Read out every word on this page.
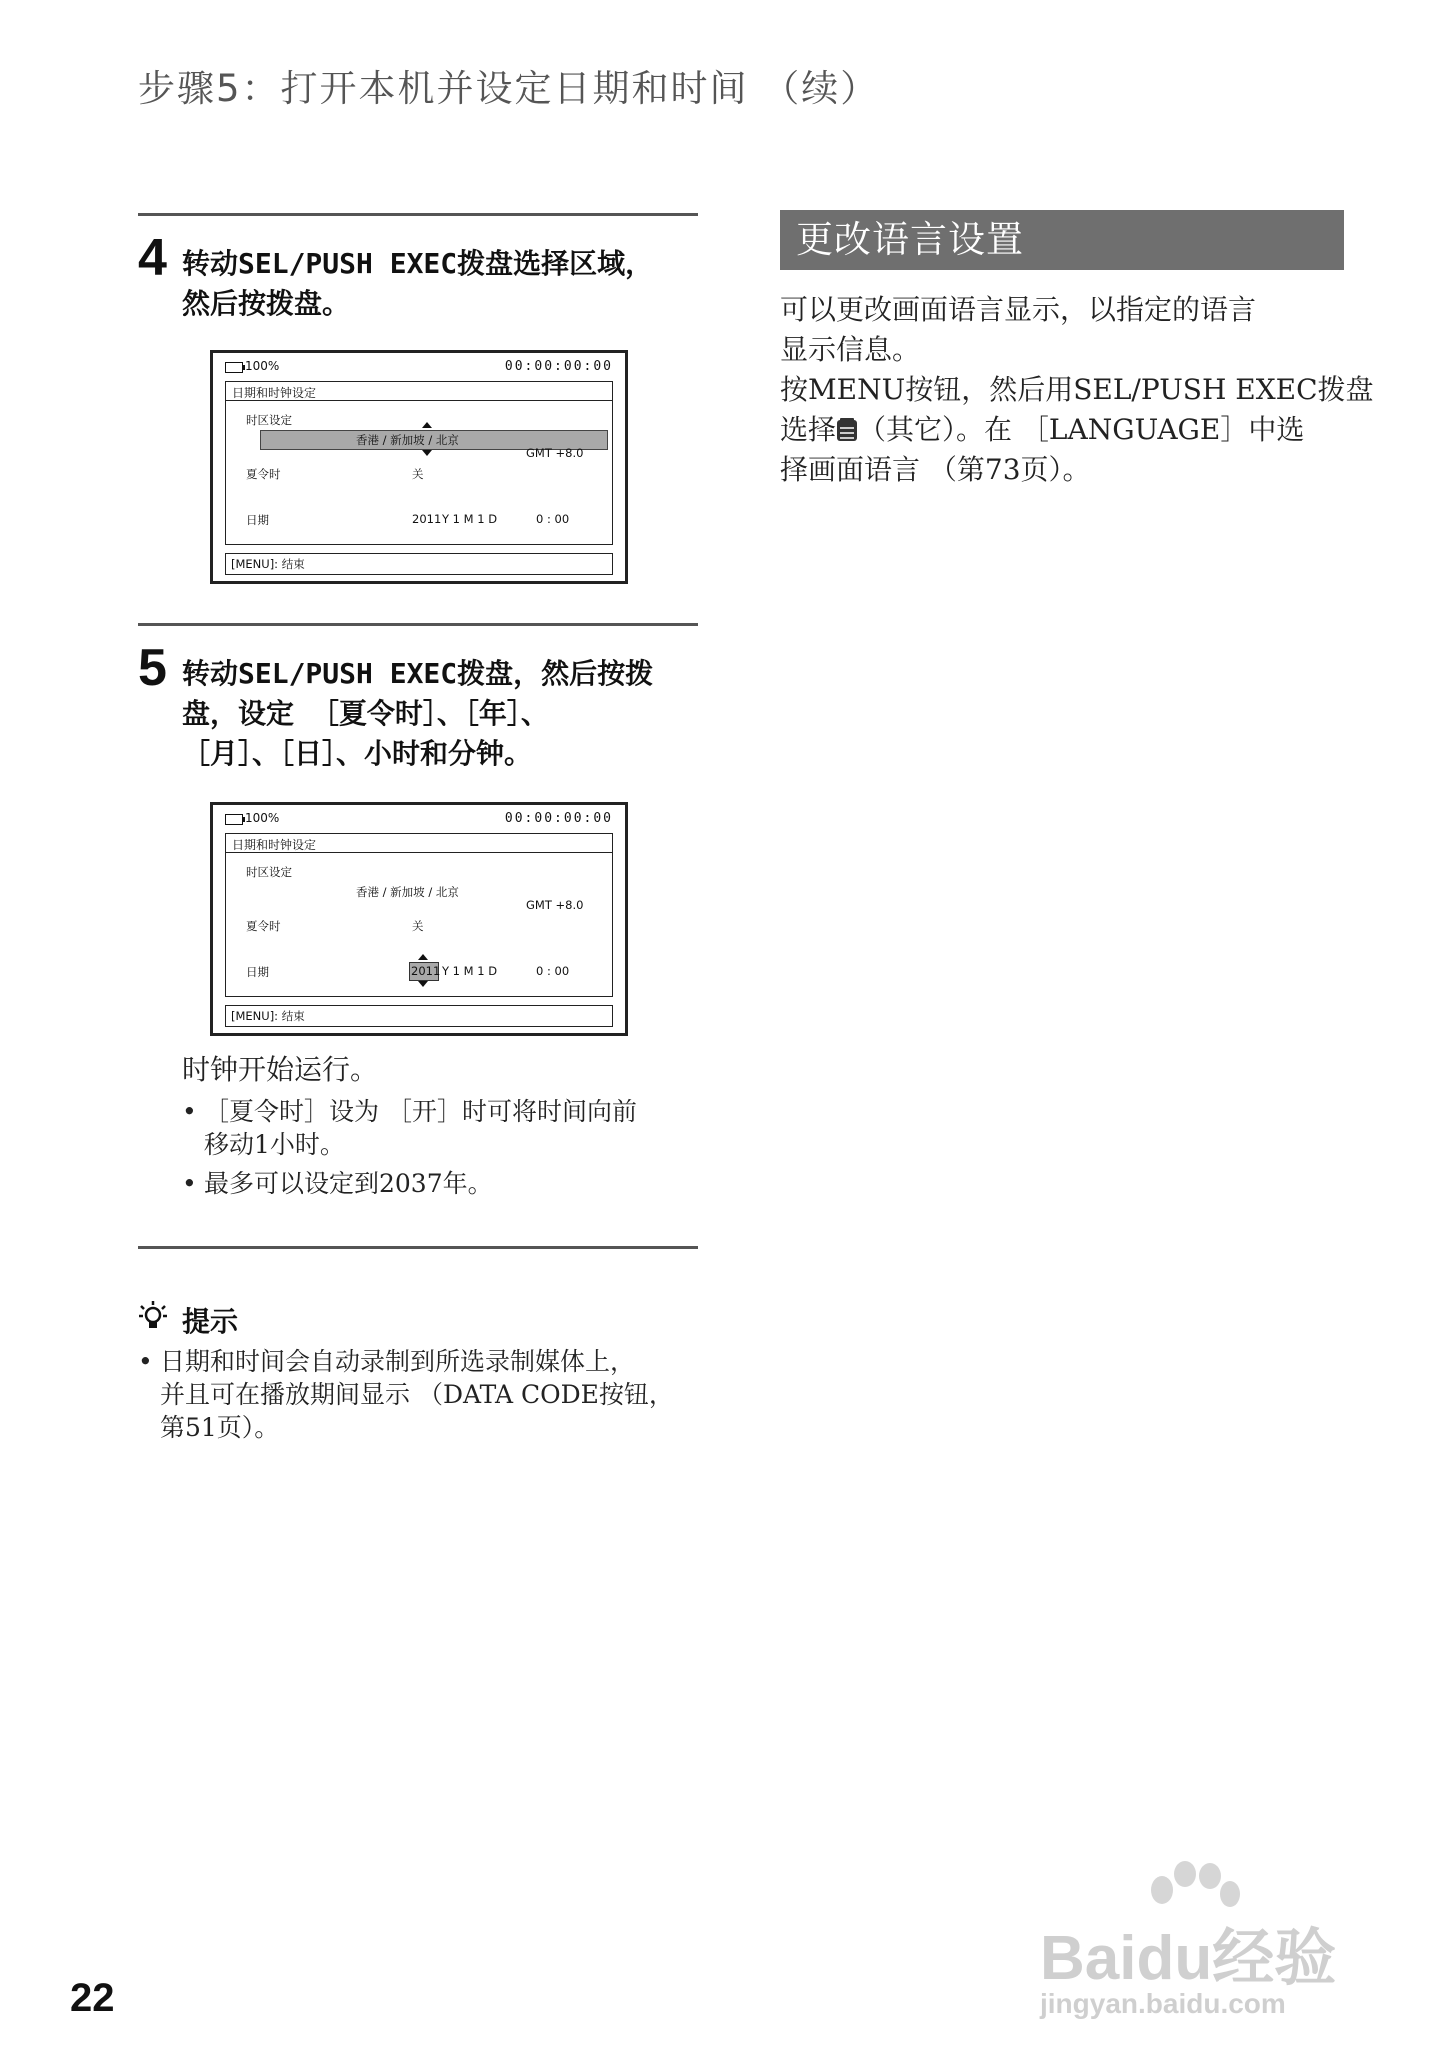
步骤5：打开本机并设定日期和时间 （续）
4 转动SEL/PUSH EXEC拨盘选择区域，
然后按拨盘。
100%	00:00:00:00
日期和时钟设定
时区设定
香港 / 新加坡 / 北京
GMT +8.0
夏令时	关
日期	2011 Y 1 M 1 D	0 : 00
[MENU]: 结束
5 转动SEL/PUSH EXEC拨盘，然后按拨
盘，设定 ［夏令时］、［年］、
［月］、［日］、小时和分钟。
100%	00:00:00:00
日期和时钟设定
时区设定
香港 / 新加坡 / 北京
GMT +8.0
夏令时	关
日期	2011 Y 1 M 1 D	0 : 00
[MENU]: 结束
时钟开始运行。
• ［夏令时］设为 ［开］时可将时间向前
移动1小时。
• 最多可以设定到2037年。
提示
• 日期和时间会自动录制到所选录制媒体上，
并且可在播放期间显示 （DATA CODE按钮，
第51页）。
更改语言设置
可以更改画面语言显示，以指定的语言
显示信息。
按MENU按钮，然后用SEL/PUSH EXEC拨盘
选择 （其它）。在 ［LANGUAGE］中选
择画面语言 （第73页）。
22
Baidu经验
jingyan.baidu.com
